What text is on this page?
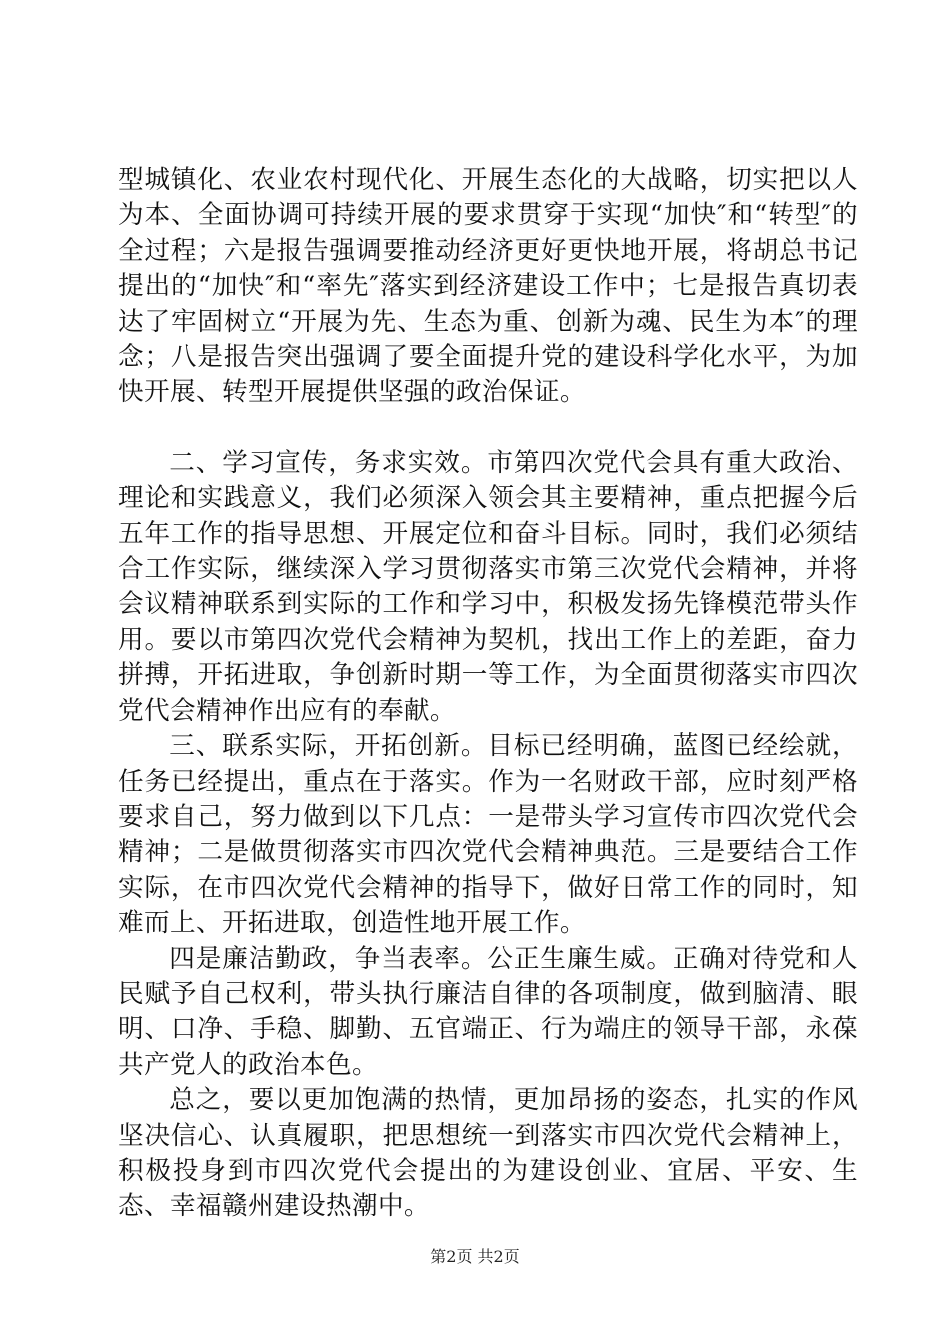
型城镇化、农业农村现代化、开展生态化的大战略，切实把以人为本、全面协调可持续开展的要求贯穿于实现“加快″和“转型″的全过程；六是报告强调要推动经济更好更快地开展，将胡总书记提出的“加快″和“率先″落实到经济建设工作中；七是报告真切表达了牢固树立“开展为先、生态为重、创新为魂、民生为本″的理念；八是报告突出强调了要全面提升党的建设科学化水平，为加快开展、转型开展提供坚强的政治保证。

二、学习宣传，务求实效。市第四次党代会具有重大政治、理论和实践意义，我们必须深入领会其主要精神，重点把握今后五年工作的指导思想、开展定位和奋斗目标。同时，我们必须结合工作实际，继续深入学习贯彻落实市第三次党代会精神，并将会议精神联系到实际的工作和学习中，积极发扬先锋模范带头作用。要以市第四次党代会精神为契机，找出工作上的差距，奋力拼搏，开拓进取，争创新时期一等工作，为全面贯彻落实市四次党代会精神作出应有的奉献。

三、联系实际，开拓创新。目标已经明确，蓝图已经绘就，任务已经提出，重点在于落实。作为一名财政干部，应时刻严格要求自己，努力做到以下几点：一是带头学习宣传市四次党代会精神；二是做贯彻落实市四次党代会精神典范。三是要结合工作实际，在市四次党代会精神的指导下，做好日常工作的同时，知难而上、开拓进取，创造性地开展工作。

四是廉洁勤政，争当表率。公正生廉生威。正确对待党和人民赋予自己权利，带头执行廉洁自律的各项制度，做到脑清、眼明、口净、手稳、脚勤、五官端正、行为端庄的领导干部，永葆共产党人的政治本色。

总之，要以更加饱满的热情，更加昂扬的姿态，扎实的作风坚决信心、认真履职，把思想统一到落实市四次党代会精神上，积极投身到市四次党代会提出的为建设创业、宜居、平安、生态、幸福赣州建设热潮中。

第2页 共2页
